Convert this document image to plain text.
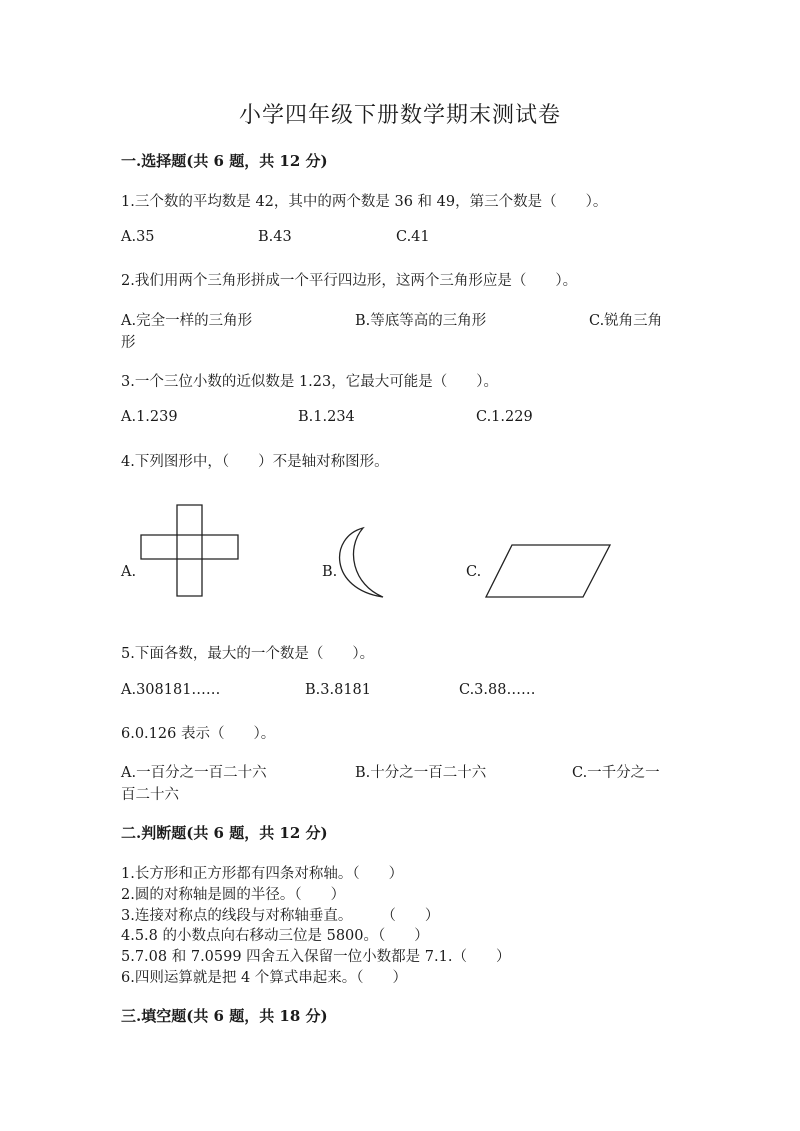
小学四年级下册数学期末测试卷
一.选择题(共 6 题，共 12 分)
1.三个数的平均数是 42，其中的两个数是 36 和 49，第三个数是（　　）。
A.35	B.43	C.41
2.我们用两个三角形拼成一个平行四边形，这两个三角形应是（　　）。
A.完全一样的三角形	B.等底等高的三角形	C.锐角三角
形
3.一个三位小数的近似数是 1.23，它最大可能是（　　）。
A.1.239	B.1.234	C.1.229
4.下列图形中，（　　）不是轴对称图形。
A.	B.	C.
5.下面各数，最大的一个数是（　　）。
A.308181……	B.3.8181	C.3.88……
6.0.126 表示（　　）。
A.一百分之一百二十六	B.十分之一百二十六	C.一千分之一
百二十六
二.判断题(共 6 题，共 12 分)
1.长方形和正方形都有四条对称轴。（　　）
2.圆的对称轴是圆的半径。（　　）
3.连接对称点的线段与对称轴垂直。　　　（　　）
4.5.8 的小数点向右移动三位是 5800。（　　）
5.7.08 和 7.0599 四舍五入保留一位小数都是 7.1.（　　）
6.四则运算就是把 4 个算式串起来。（　　）
三.填空题(共 6 题，共 18 分)
